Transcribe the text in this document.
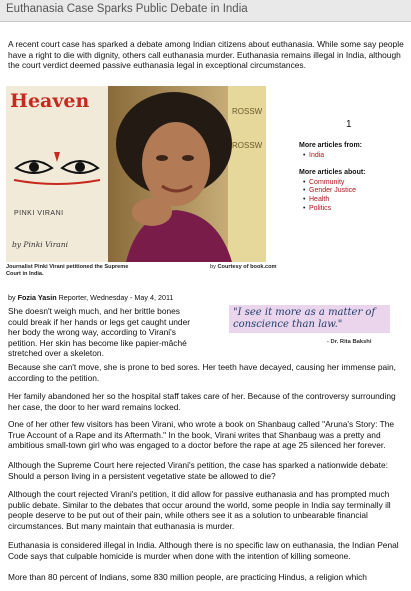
Euthanasia Case Sparks Public Debate in India

A recent court case has sparked a debate among Indian citizens about euthanasia. While some say people have a right to die with dignity, others call euthanasia murder. Euthanasia remains illegal in India, although the court verdict deemed passive euthanasia legal in exceptional circumstances.

Heaven
PINKI VIRANI
by Pinki Virani
ROSSW
ROSSW

Journalist Pinki Virani petitioned the Supreme Court in India.

by Courtesy of book.com

1
More articles from:
• India
More articles about:
• Community
• Gender Justice
• Health
• Politics
by Fozia Yasin Reporter, Wednesday - May 4, 2011

She doesn't weigh much, and her brittle bones could break if her hands or legs get caught under her body the wrong way, according to Virani's petition. Her skin has become like papier-mâché stretched over a skeleton.

"I see it more as a matter of conscience than law."
- Dr. Rita Bakshi

Because she can't move, she is prone to bed sores. Her teeth have decayed, causing her immense pain, according to the petition.

Her family abandoned her so the hospital staff takes care of her. Because of the controversy surrounding her case, the door to her ward remains locked.

One of her other few visitors has been Virani, who wrote a book on Shanbaug called "Aruna's Story: The True Account of a Rape and its Aftermath." In the book, Virani writes that Shanbaug was a pretty and ambitious small-town girl who was engaged to a doctor before the rape at age 25 silenced her forever.

Although the Supreme Court here rejected Virani's petition, the case has sparked a nationwide debate: Should a person living in a persistent vegetative state be allowed to die?

Although the court rejected Virani's petition, it did allow for passive euthanasia and has prompted much public debate. Similar to the debates that occur around the world, some people in India say terminally ill people deserve to be put out of their pain, while others see it as a solution to unbearable financial circumstances. But many maintain that euthanasia is murder.

Euthanasia is considered illegal in India. Although there is no specific law on euthanasia, the Indian Penal Code says that culpable homicide is murder when done with the intention of killing someone.

More than 80 percent of Indians, some 830 million people, are practicing Hindus, a religion which
